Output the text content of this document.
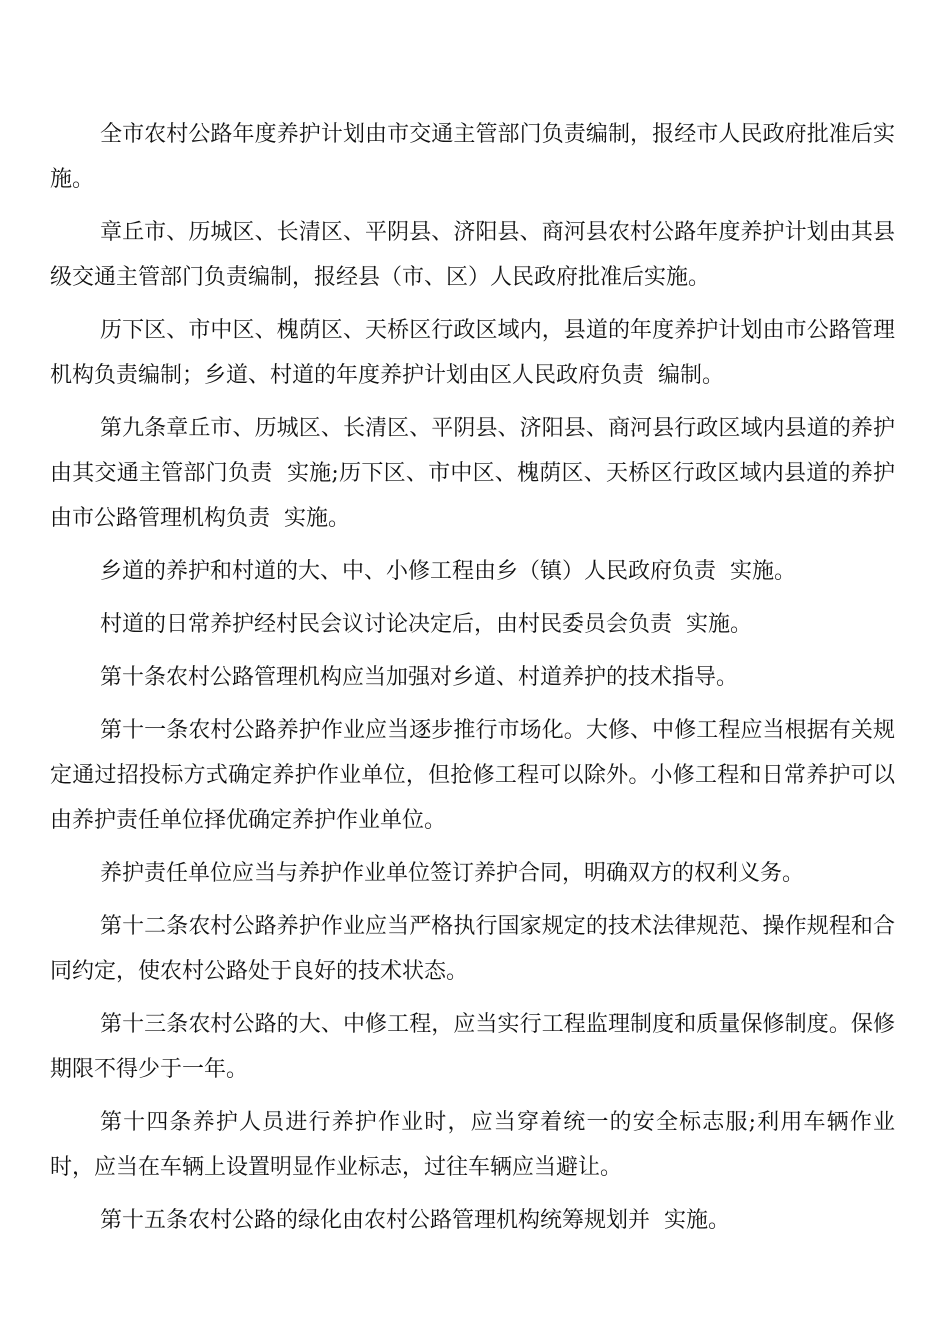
全市农村公路年度养护计划由市交通主管部门负责编制，报经市人民政府批准后实施。

章丘市、历城区、长清区、平阴县、济阳县、商河县农村公路年度养护计划由其县级交通主管部门负责编制，报经县（市、区）人民政府批准后实施。

历下区、市中区、槐荫区、天桥区行政区域内，县道的年度养护计划由市公路管理机构负责编制；乡道、村道的年度养护计划由区人民政府负责  编制。

第九条章丘市、历城区、长清区、平阴县、济阳县、商河县行政区域内县道的养护由其交通主管部门负责  实施;历下区、市中区、槐荫区、天桥区行政区域内县道的养护由市公路管理机构负责  实施。

乡道的养护和村道的大、中、小修工程由乡（镇）人民政府负责  实施。

村道的日常养护经村民会议讨论决定后，由村民委员会负责  实施。

第十条农村公路管理机构应当加强对乡道、村道养护的技术指导。

第十一条农村公路养护作业应当逐步推行市场化。大修、中修工程应当根据有关规定通过招投标方式确定养护作业单位，但抢修工程可以除外。小修工程和日常养护可以由养护责任单位择优确定养护作业单位。

养护责任单位应当与养护作业单位签订养护合同，明确双方的权利义务。

第十二条农村公路养护作业应当严格执行国家规定的技术法律规范、操作规程和合同约定，使农村公路处于良好的技术状态。

第十三条农村公路的大、中修工程，应当实行工程监理制度和质量保修制度。保修期限不得少于一年。

第十四条养护人员进行养护作业时，应当穿着统一的安全标志服;利用车辆作业时，应当在车辆上设置明显作业标志，过往车辆应当避让。

第十五条农村公路的绿化由农村公路管理机构统筹规划并  实施。
